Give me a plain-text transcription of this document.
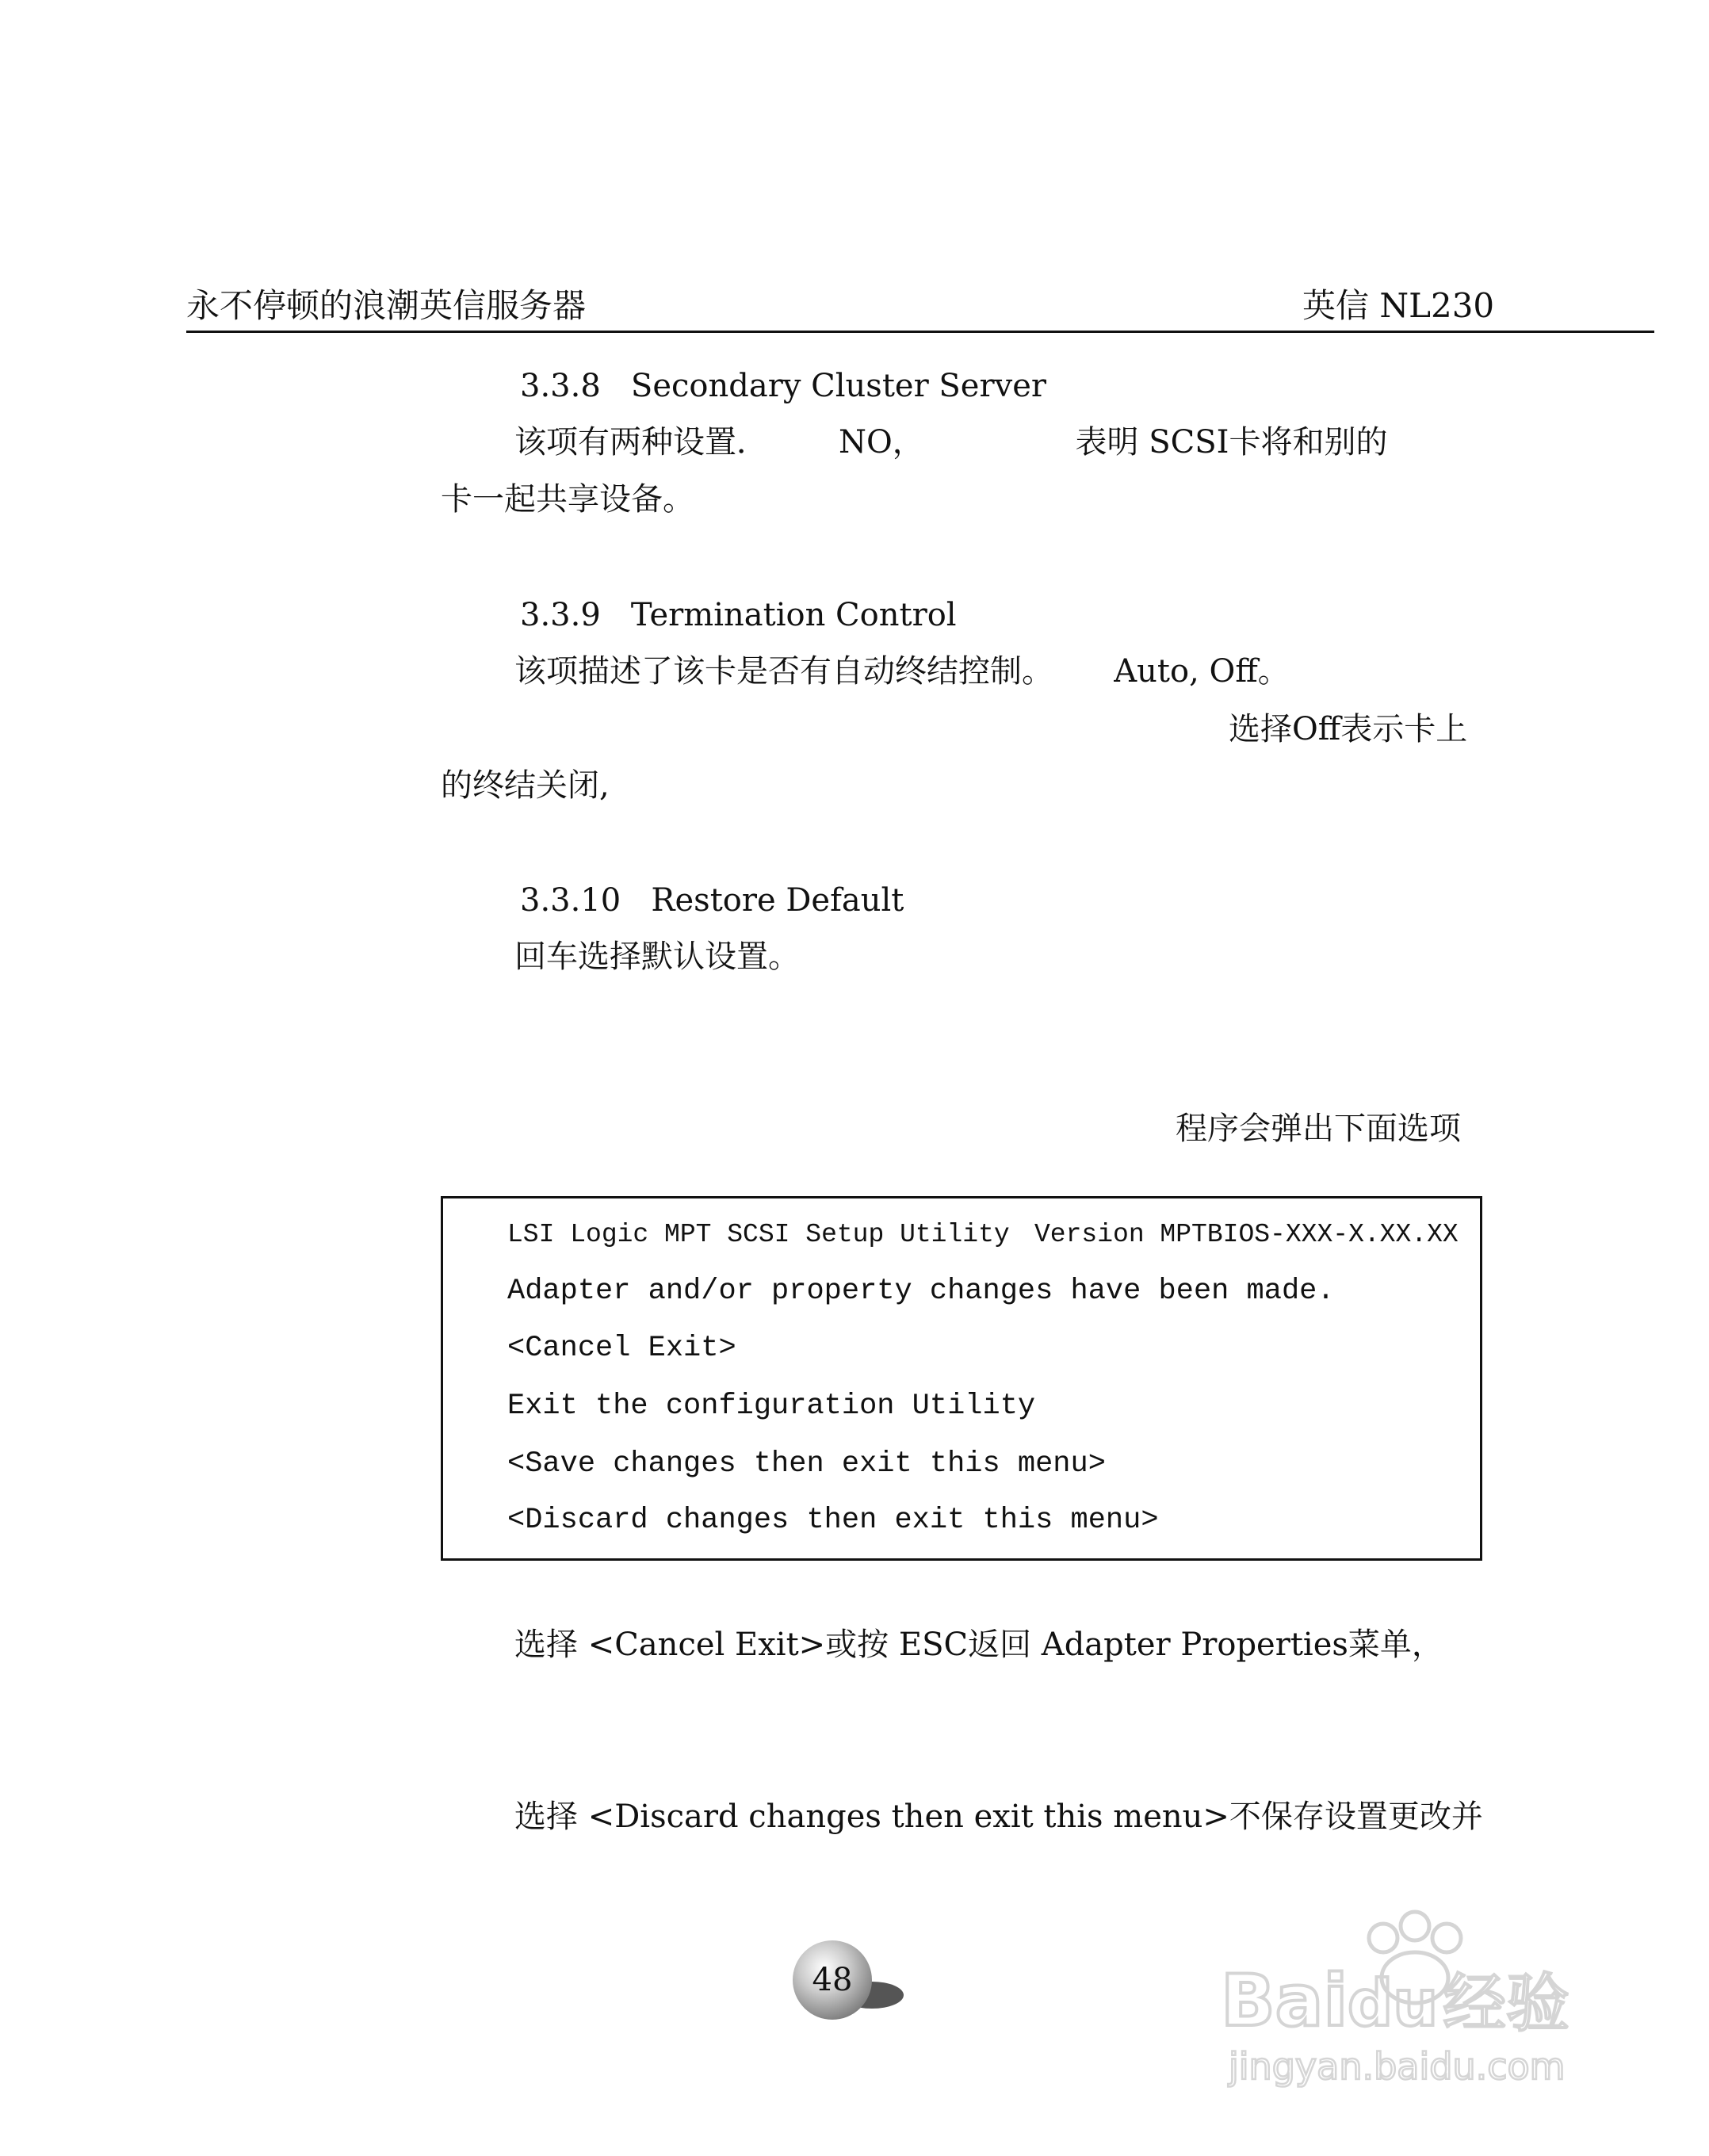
永不停顿的浪潮英信服务器	英信 NL230
3.3.8   Secondary Cluster Server
该项有两种设置．       NO，               表明 SCSI卡将和别的
卡一起共享设备。
3.3.9   Termination Control
该项描述了该卡是否有自动终结控制。      Auto, Off。
选择Off表示卡上
的终结关闭,
3.3.10   Restore Default
回车选择默认设置。
程序会弹出下面选项
LSI Logic MPT SCSI Setup Utility Version MPTBIOS-XXX-X.XX.XX
Adapter and/or property changes have been made.
<Cancel Exit>
Exit the configuration Utility
<Save changes then exit this menu>
<Discard changes then exit this menu>
选择 <Cancel Exit>或按 ESC返回 Adapter Properties菜单，
选择 <Discard changes then exit this menu>不保存设置更改并
48	Bai du 经验
jingyan.baidu.com
